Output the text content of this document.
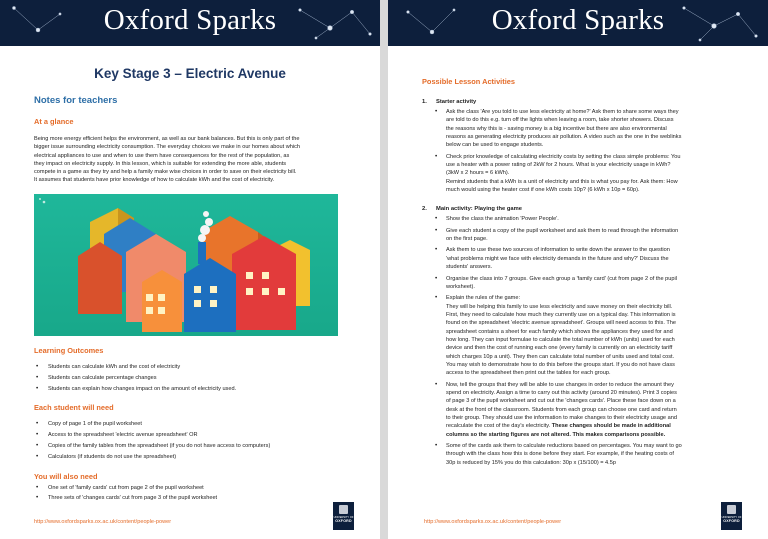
Oxford Sparks
Key Stage 3 – Electric Avenue
Notes for teachers
At a glance
Being more energy efficient helps the environment, as well as our bank balances. But this is only part of the
bigger issue surrounding electricity consumption. The everyday choices we make in our homes about which
electrical appliances to use and when to use them have consequences for the rest of the population, as
they impact on electricity supply. In this lesson, which is suitable for extending the more able, students
compete in a game as they try and help a family make wise choices in order to save on their electricity bill.
It assumes that students have prior knowledge of how to calculate kWh and the cost of electricity.
Learning Outcomes
• Students can calculate kWh and the cost of electricity
• Students can calculate percentage changes
• Students can explain how changes impact on the amount of electricity used.
Each student will need
• Copy of page 1 of the pupil worksheet
• Access to the spreadsheet 'electric avenue spreadsheet' OR
• Copies of the family tables from the spreadsheet (if you do not have access to computers)
• Calculators (if students do not use the spreadsheet)
You will also need
• One set of 'family cards' cut from page 2 of the pupil worksheet
• Three sets of 'changes cards' cut from page 3 of the pupil worksheet
http://www.oxfordsparks.ox.ac.uk/content/people-power
UNIVERSITY OF
OXFORD
Oxford Sparks
Possible Lesson Activities
1. Starter activity
• Ask the class 'Are you told to use less electricity at home?' Ask them to share some ways they
are told to do this e.g. turn off the lights when leaving a room, take shorter showers. Discuss
the reasons why this is - saving money is a big incentive but there are also environmental
reasons as generating electricity produces air pollution. A video such as the one in the weblinks
below can be used to engage students.
• Check prior knowledge of calculating electricity costs by setting the class simple problems: You
use a heater with a power rating of 2kW for 2 hours. What is your electricity usage in kWh?
(3kW x 2 hours = 6 kWh).
Remind students that a kWh is a unit of electricity and this is what you pay for. Ask them: How
much would using the heater cost if one kWh costs 10p? (6 kWh x 10p = 60p).
2. Main activity: Playing the game
• Show the class the animation 'Power People'.
• Give each student a copy of the pupil worksheet and ask them to read through the information
on the first page.
• Ask them to use these two sources of information to write down the answer to the question
'what problems might we face with electricity demands in the future and why?' Discuss the
students' answers.
• Organise the class into 7 groups. Give each group a 'family card' (cut from page 2 of the pupil
worksheet).
• Explain the rules of the game:
They will be helping this family to use less electricity and save money on their electricity bill.
First, they need to calculate how much they currently use on a typical day. This information is
found on the spreadsheet 'electric avenue spreadsheet'. Groups will need access to this. The
spreadsheet contains a sheet for each family which shows the appliances they used for and
how long. They can input formulae to calculate the total number of kWh (units) used for each
device and then the cost of running each one (every family is currently on an electricity tariff
which charges 10p a unit). They then can calculate total number of units used and total cost.
You may wish to demonstrate how to do this before the groups start. If you do not have class
access to the spreadsheet then print out the tables for each group.
• Now, tell the groups that they will be able to use changes in order to reduce the amount they
spend on electricity. Assign a time to carry out this activity (around 20 minutes). Print 3 copies
of page 3 of the pupil worksheet and cut out the 'changes cards'. Place these face down on a
desk at the front of the classroom. Students from each group can choose one card and return
to their group. They should use the information to make changes to their electricity usage and
recalculate the cost of the day's electricity. These changes should be made in additional
columns so the starting figures are not altered. This makes comparisons possible.
• Some of the cards ask them to calculate reductions based on percentages. You may want to go
through with the class how this is done before they start. For example, if the heating costs of
30p is reduced by 15% you do this calculation: 30p x (15/100) = 4.5p
http://www.oxfordsparks.ox.ac.uk/content/people-power
UNIVERSITY OF
OXFORD
